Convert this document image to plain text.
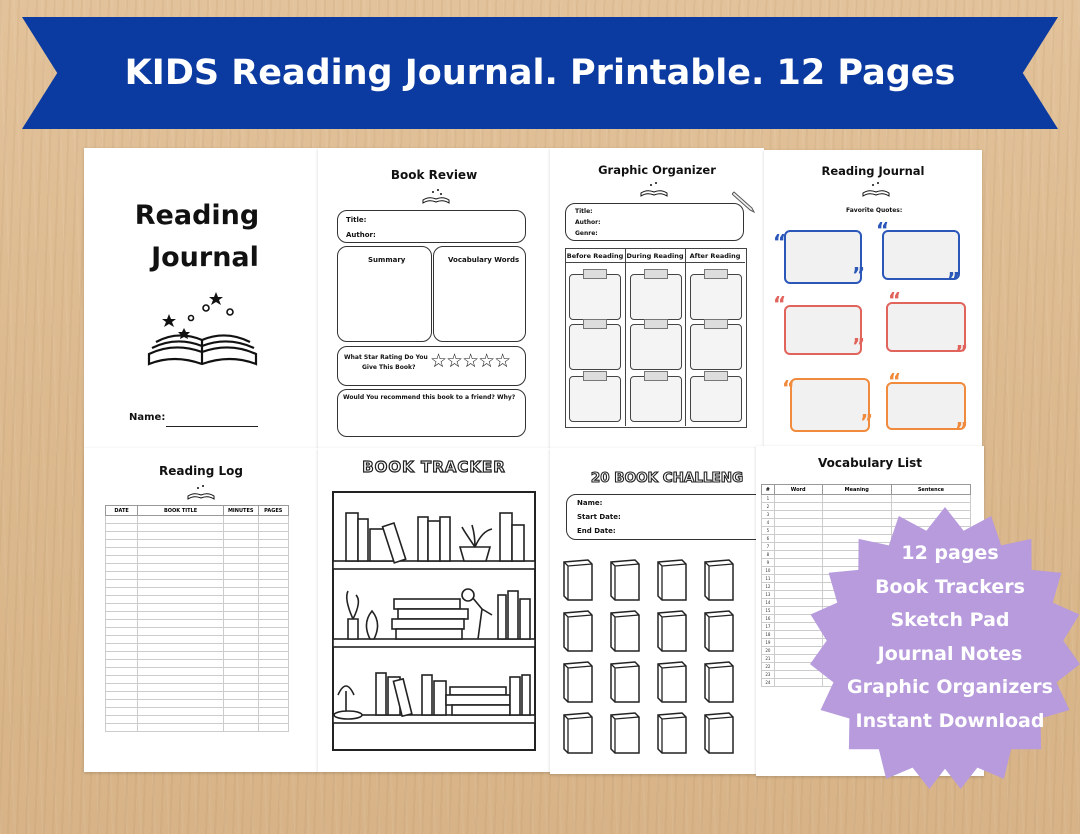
KIDS Reading Journal. Printable. 12 Pages
Reading
Journal
Name:
Book Review
Title:
Author:
Summary	Vocabulary Words
What Star Rating Do You
Give This Book? ☆☆☆☆☆
Would You recommend this book to a friend? Why?
Graphic Organizer
Title:
Author:
Genre:
Before Reading During Reading After Reading
Reading Journal
Favorite Quotes:
“
”
“
”
“
”
“
”
“
”
“
”
Reading Log
DATE	BOOK TITLE	MINUTES	PAGES

BOOK TRACKER
20 BOOK CHALLENG
Name:
Start Date:
End Date:
Vocabulary List
#	Word	Meaning	Sentence
1			
2			
3			
4			
5			
6			
7			
8			
9			
10			
11			
12			
13			
14			
15			
16			
17			
18			
19			
20			
21			
22			
23			
24			
12 pages
Book Trackers
Sketch Pad
Journal Notes
Graphic Organizers
Instant Download
